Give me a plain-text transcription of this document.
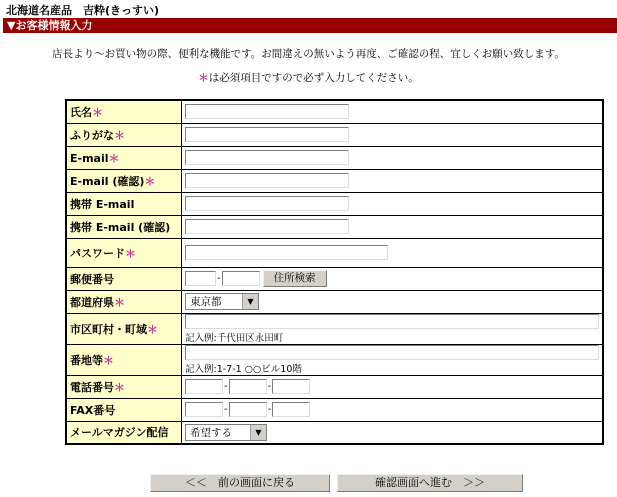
北海道名産品　吉粋(きっすい)
▼お客様情報入力
店長より～お買い物の際、便利な機能です。お間違えの無いよう再度、ご確認の程、宜しくお願い致します。
＊は必須項目ですので必ず入力してください。
氏名＊	
ふりがな＊	
E-mail＊	
E-mail (確認)＊	
携帯 E-mail	
携帯 E-mail (確認)	
パスワード＊	
郵便番号	- 住所検索
都道府県＊	東京都 ▼

市区町村・町域＊	記入例:千代田区永田町

番地等＊	記入例:1-7-1 ○○ビル10階

電話番号＊	- -
FAX番号	- -
メールマガジン配信	希望する ▼
＜＜　前の画面に戻る	確認画面へ進む　＞＞
